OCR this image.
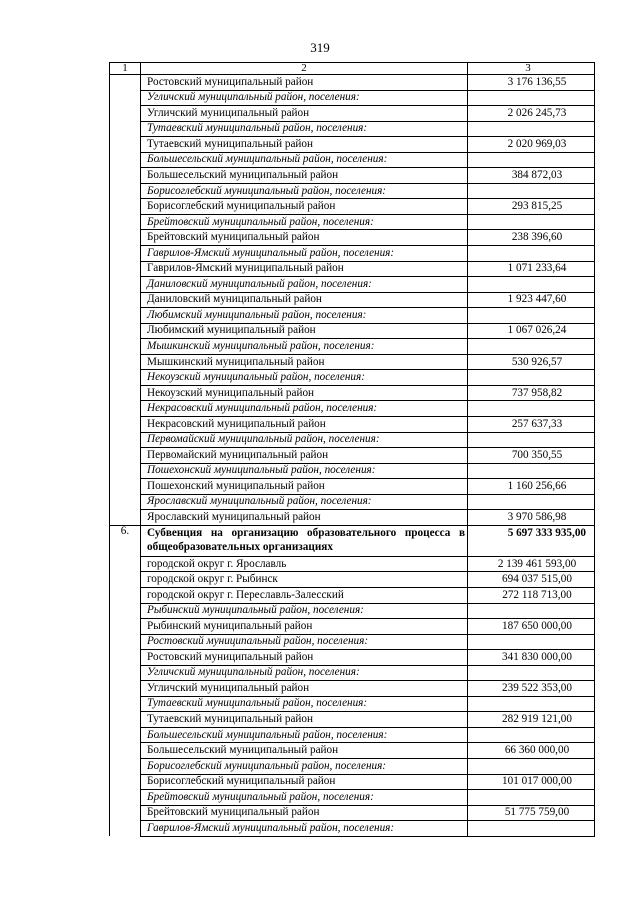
319
1	2	3
	Ростовский муниципальный район	3 176 136,55
	Угличский муниципальный район, поселения:	
	Угличский муниципальный район	2 026 245,73
	Тутаевский муниципальный район, поселения:	
	Тутаевский муниципальный район	2 020 969,03
	Большесельский муниципальный район, поселения:	
	Большесельский муниципальный район	384 872,03
	Борисоглебский муниципальный район, поселения:	
	Борисоглебский муниципальный район	293 815,25
	Брейтовский муниципальный район, поселения:	
	Брейтовский муниципальный район	238 396,60
	Гаврилов-Ямский муниципальный район, поселения:	
	Гаврилов-Ямский муниципальный район	1 071 233,64
	Даниловский муниципальный район, поселения:	
	Даниловский муниципальный район	1 923 447,60
	Любимский муниципальный район, поселения:	
	Любимский муниципальный район	1 067 026,24
	Мышкинский муниципальный район, поселения:	
	Мышкинский муниципальный район	530 926,57
	Некоузский муниципальный район, поселения:	
	Некоузский муниципальный район	737 958,82
	Некрасовский муниципальный район, поселения:	
	Некрасовский муниципальный район	257 637,33
	Первомайский муниципальный район, поселения:	
	Первомайский муниципальный район	700 350,55
	Пошехонский муниципальный район, поселения:	
	Пошехонский муниципальный район	1 160 256,66
	Ярославский муниципальный район, поселения:	
	Ярославский муниципальный район	3 970 586,98
6.	Субвенция на организацию образовательного процесса в общеобразовательных организациях	5 697 333 935,00
	городской округ г. Ярославль	2 139 461 593,00
	городской округ г. Рыбинск	694 037 515,00
	городской округ г. Переславль-Залесский	272 118 713,00
	Рыбинский муниципальный район, поселения:	
	Рыбинский муниципальный район	187 650 000,00
	Ростовский муниципальный район, поселения:	
	Ростовский муниципальный район	341 830 000,00
	Угличский муниципальный район, поселения:	
	Угличский муниципальный район	239 522 353,00
	Тутаевский муниципальный район, поселения:	
	Тутаевский муниципальный район	282 919 121,00
	Большесельский муниципальный район, поселения:	
	Большесельский муниципальный район	66 360 000,00
	Борисоглебский муниципальный район, поселения:	
	Борисоглебский муниципальный район	101 017 000,00
	Брейтовский муниципальный район, поселения:	
	Брейтовский муниципальный район	51 775 759,00
	Гаврилов-Ямский муниципальный район, поселения:	
